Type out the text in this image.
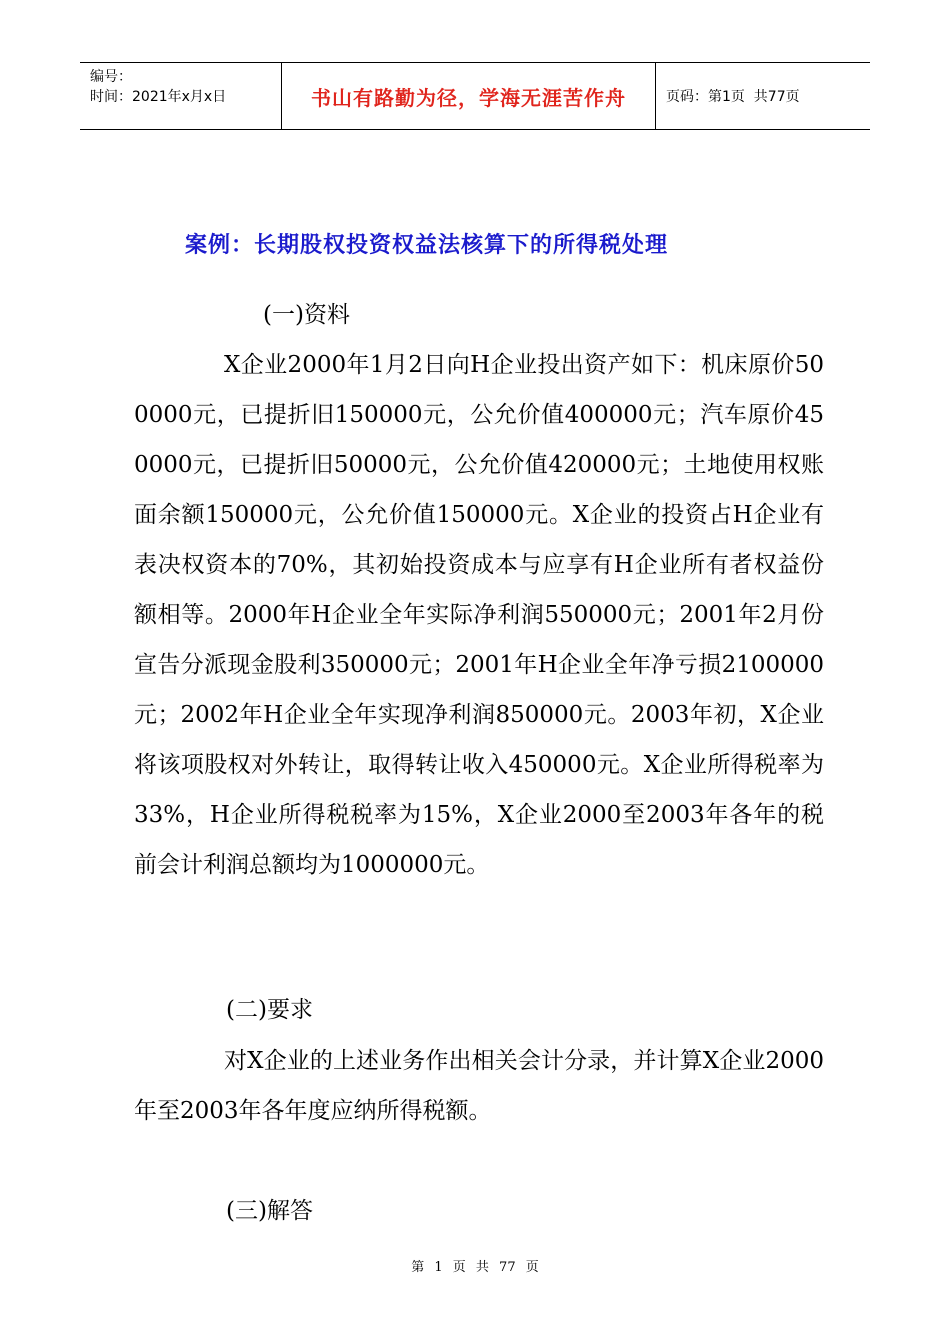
编号：
时间：2021年x月x日	书山有路勤为径，学海无涯苦作舟	页码：第1页  共77页
案例：长期股权投资权益法核算下的所得税处理
(一)资料
X企业2000年1月2日向H企业投出资产如下：机床原价500000元，已提折旧150000元，公允价值400000元；汽车原价450000元，已提折旧50000元，公允价值420000元；土地使用权账面余额150000元，公允价值150000元。X企业的投资占H企业有表决权资本的70%，其初始投资成本与应享有H企业所有者权益份额相等。2000年H企业全年实际净利润550000元；2001年2月份宣告分派现金股利350000元；2001年H企业全年净亏损2100000元；2002年H企业全年实现净利润850000元。2003年初，X企业将该项股权对外转让，取得转让收入450000元。X企业所得税率为33%，H企业所得税税率为15%，X企业2000至2003年各年的税前会计利润总额均为1000000元。
(二)要求
对X企业的上述业务作出相关会计分录，并计算X企业2000年至2003年各年度应纳所得税额。
(三)解答
第 1 页 共 77 页
